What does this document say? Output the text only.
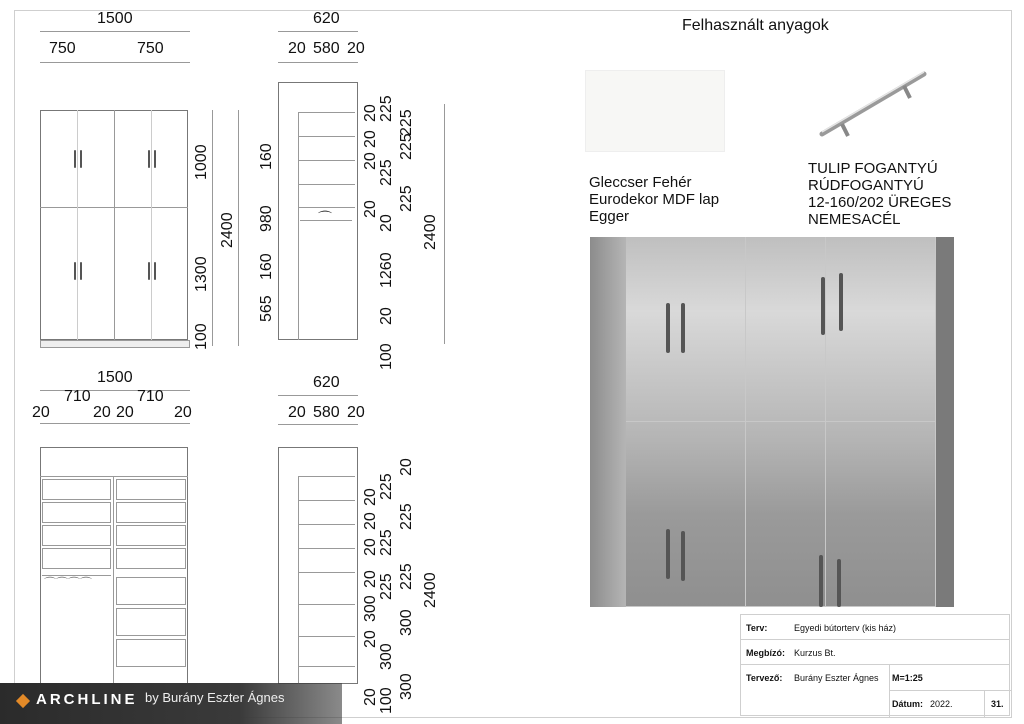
1500
750	750
1000
1300
100
2400
620
20 580 20
⌒
160
980
160
565
20
20
20
20
225
225
20
1260
20
100
225
225
225
2400
1500
20
710
20 20
710
20
⌒⌒⌒⌒
620
20 580 20
20
20
20
20
300
20
20
225
225
225
300
100
300
20
225
225
300
2400
Felhasznált anyagok
Gleccser Fehér
Eurodekor MDF lap
Egger
TULIP FOGANTYÚ
RÚDFOGANTYÚ
12-160/202 ÜREGES
NEMESACÉL
Terv:	Egyedi bútorterv (kis ház)
Megbízó: Kurzus Bt.
Tervező: Burány Eszter Ágnes M=1:25
Dátum: 2022.	31.
ARCHLINE by Burány Eszter Ágnes
